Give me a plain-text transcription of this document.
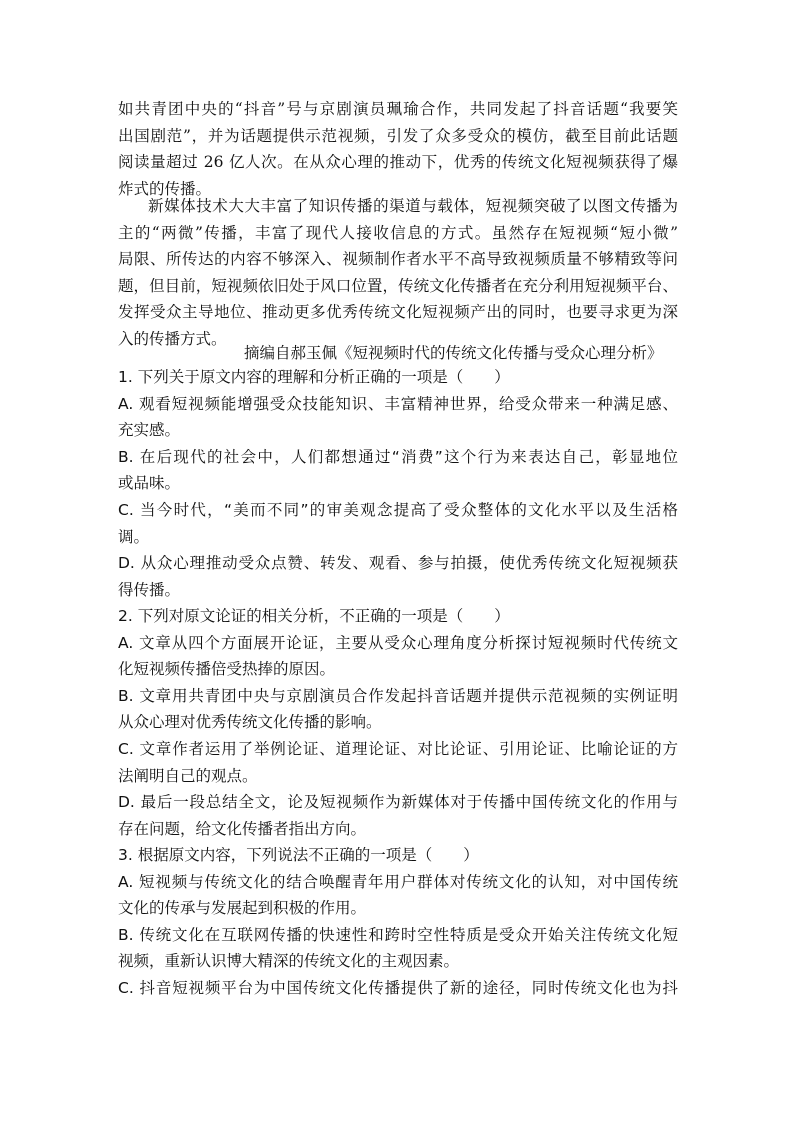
如共青团中央的“抖音”号与京剧演员珮瑜合作，共同发起了抖音话题“我要笑
出国剧范”，并为话题提供示范视频，引发了众多受众的模仿，截至目前此话题
阅读量超过 26 亿人次。在从众心理的推动下，优秀的传统文化短视频获得了爆
炸式的传播。
新媒体技术大大丰富了知识传播的渠道与载体，短视频突破了以图文传播为
主的“两微”传播，丰富了现代人接收信息的方式。虽然存在短视频“短小微”
局限、所传达的内容不够深入、视频制作者水平不高导致视频质量不够精致等问
题，但目前，短视频依旧处于风口位置，传统文化传播者在充分利用短视频平台、
发挥受众主导地位、推动更多优秀传统文化短视频产出的同时，也要寻求更为深
入的传播方式。
摘编自郝玉佩《短视频时代的传统文化传播与受众心理分析》
1. 下列关于原文内容的理解和分析正确的一项是（　　）
A. 观看短视频能增强受众技能知识、丰富精神世界，给受众带来一种满足感、
充实感。
B. 在后现代的社会中，人们都想通过“消费”这个行为来表达自己，彰显地位
或品味。
C. 当今时代，“美而不同”的审美观念提高了受众整体的文化水平以及生活格
调。
D. 从众心理推动受众点赞、转发、观看、参与拍摄，使优秀传统文化短视频获
得传播。
2. 下列对原文论证的相关分析，不正确的一项是（　　）
A. 文章从四个方面展开论证，主要从受众心理角度分析探讨短视频时代传统文
化短视频传播倍受热捧的原因。
B. 文章用共青团中央与京剧演员合作发起抖音话题并提供示范视频的实例证明
从众心理对优秀传统文化传播的影响。
C. 文章作者运用了举例论证、道理论证、对比论证、引用论证、比喻论证的方
法阐明自己的观点。
D. 最后一段总结全文，论及短视频作为新媒体对于传播中国传统文化的作用与
存在问题，给文化传播者指出方向。
3. 根据原文内容，下列说法不正确的一项是（　　）
A. 短视频与传统文化的结合唤醒青年用户群体对传统文化的认知，对中国传统
文化的传承与发展起到积极的作用。
B. 传统文化在互联网传播的快速性和跨时空性特质是受众开始关注传统文化短
视频，重新认识博大精深的传统文化的主观因素。
C. 抖音短视频平台为中国传统文化传播提供了新的途径，同时传统文化也为抖
